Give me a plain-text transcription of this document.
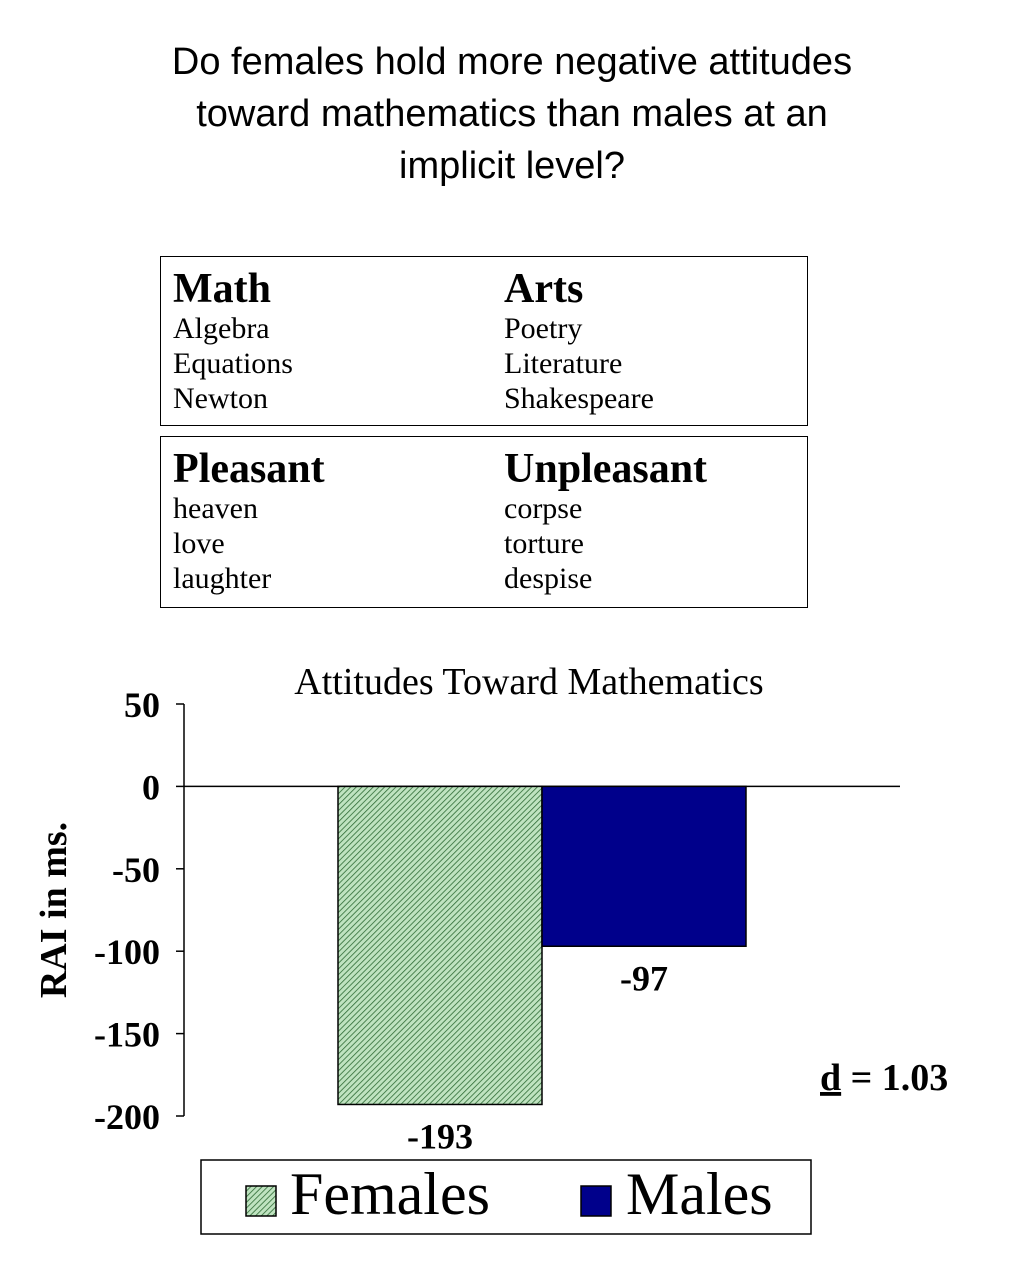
Do females hold more negative attitudes
toward mathematics than males at an
implicit level?
Math
Algebra
Equations
Newton
Arts
Poetry
Literature
Shakespeare
Pleasant
heaven
love
laughter
Unpleasant
corpse
torture
despise
Attitudes Toward Mathematics
50
0
-50
-100
-150
-200	-193
-97
RAI in ms.
d = 1.03
Females Males
